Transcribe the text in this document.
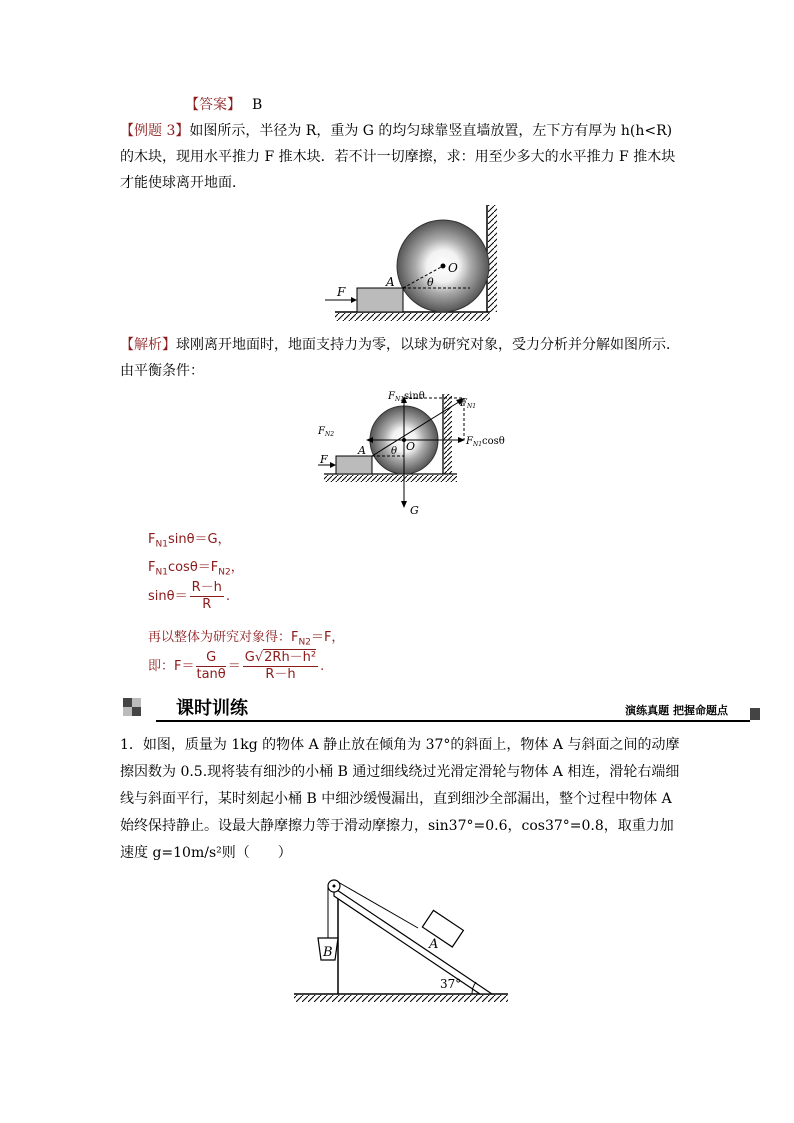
【答案】 B
【例题 3】如图所示，半径为 R，重为 G 的均匀球靠竖直墙放置，左下方有厚为 h(h<R)的木块，现用水平推力 F 推木块．若不计一切摩擦，求：用至少多大的水平推力 F 推木块才能使球离开地面．
F
A
O
θ
【解析】球刚离开地面时，地面支持力为零，以球为研究对象，受力分析并分解如图所示．由平衡条件：
$F_{N1}\sin\theta$
$F_{N1}$
$F_{N2}$
$F_{N1}\cos\theta$
F
A	O
θ
G
$F_{N1}\sin\theta=G$，
$F_{N1}\cos\theta=F_{N2}$，
$\sin\theta= \frac{R-h}{R}$ .
再以整体为研究对象得：$F_{N2}=F$，
即：$F= \frac{G}{\tan\theta} = \frac{\text{G√2Rh－h²}}{R-h}$ .
课时训练	演练真题 把握命题点
1．如图，质量为 1kg 的物体 A 静止放在倾角为 37°的斜面上，物体 A 与斜面之间的动摩擦因数为 0.5.现将装有细沙的小桶 B 通过细线绕过光滑定滑轮与物体 A 相连，滑轮右端细线与斜面平行，某时刻起小桶 B 中细沙缓慢漏出，直到细沙全部漏出，整个过程中物体 A 始终保持静止。设最大静摩擦力等于滑动摩擦力，sin37°=0.6，cos37°=0.8，取重力加速度 g=10m/s²则（　　）
B
A
37°
